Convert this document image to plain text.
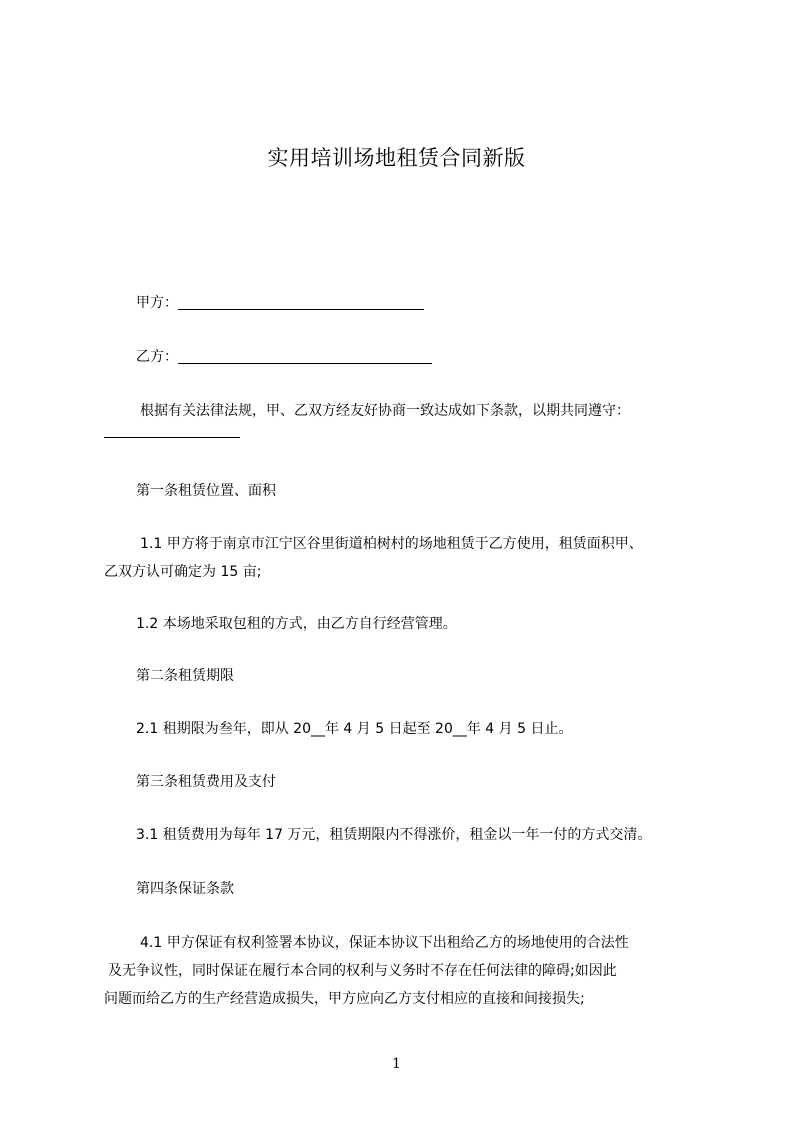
实用培训场地租赁合同新版
甲方：
乙方：
根据有关法律法规，甲、乙双方经友好协商一致达成如下条款，以期共同遵守：
第一条租赁位置、面积
1.1 甲方将于南京市江宁区谷里街道柏树村的场地租赁于乙方使用，租赁面积甲、
乙双方认可确定为 15 亩;
1.2 本场地采取包租的方式，由乙方自行经营管理。
第二条租赁期限
2.1 租期限为叁年，即从 20__年 4 月 5 日起至 20__年 4 月 5 日止。
第三条租赁费用及支付
3.1 租赁费用为每年 17 万元，租赁期限内不得涨价，租金以一年一付的方式交清。
第四条保证条款
4.1 甲方保证有权利签署本协议，保证本协议下出租给乙方的场地使用的合法性
及无争议性，同时保证在履行本合同的权利与义务时不存在任何法律的障碍;如因此
问题而给乙方的生产经营造成损失，甲方应向乙方支付相应的直接和间接损失;
1
